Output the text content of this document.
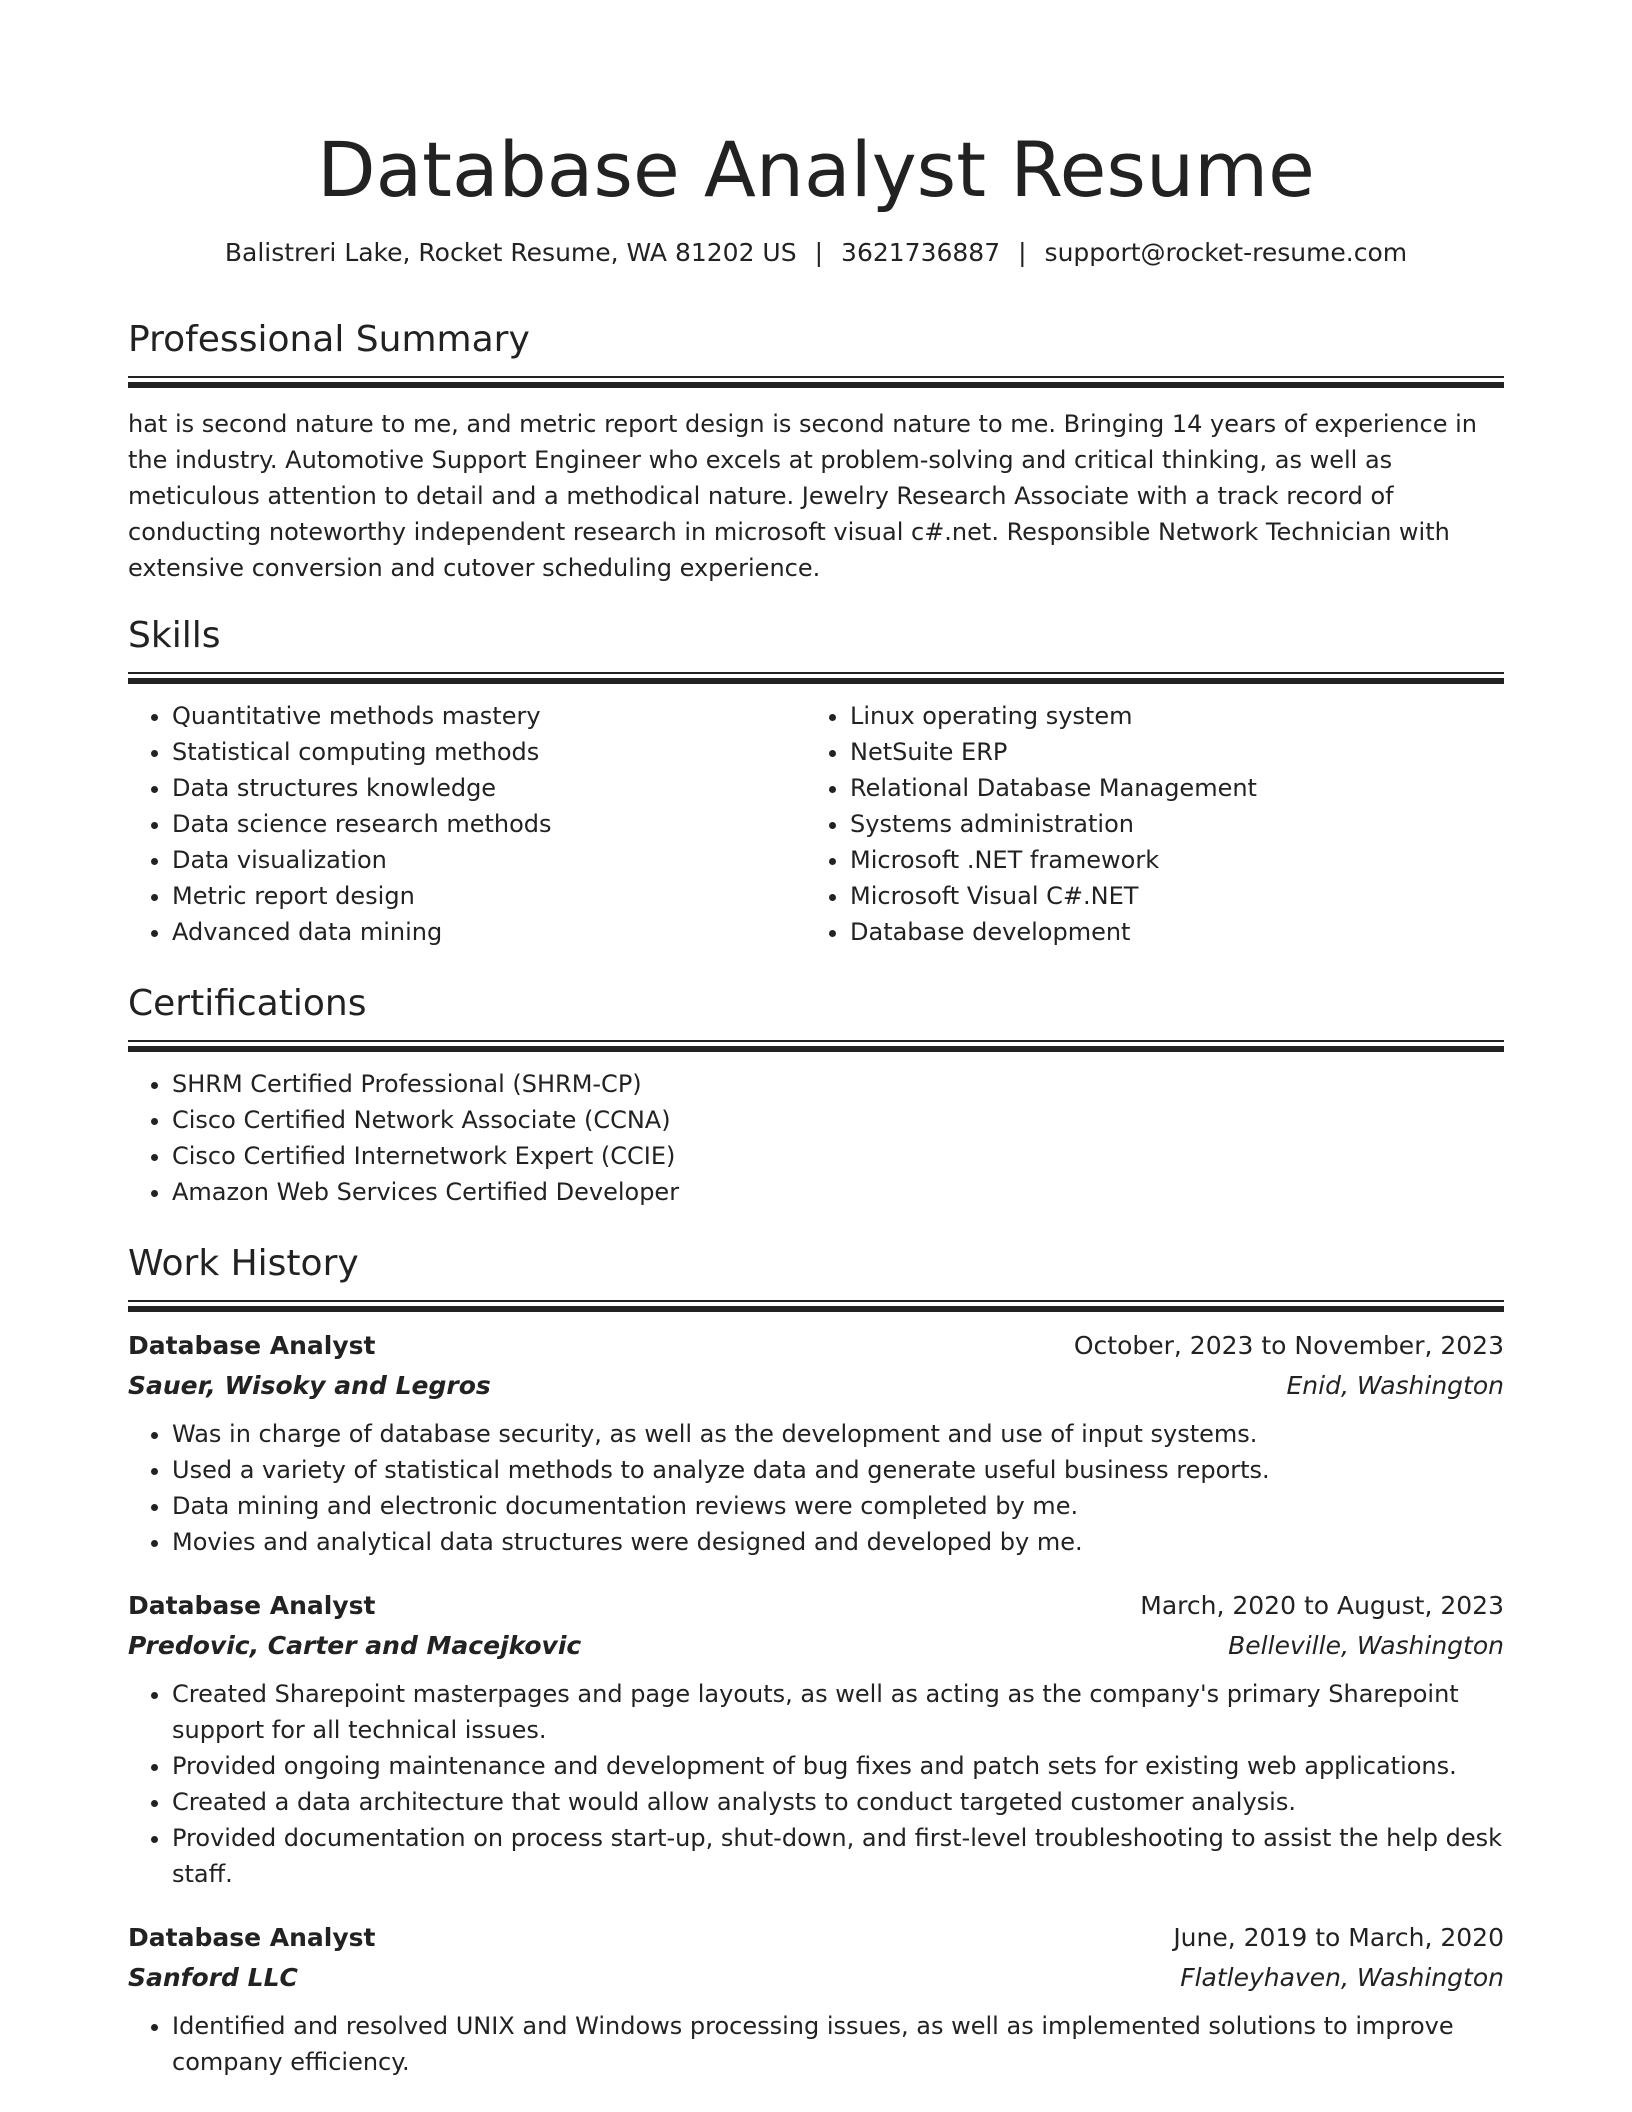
Database Analyst Resume
Balistreri Lake, Rocket Resume, WA 81202 US | 3621736887 | support@rocket-resume.com
Professional Summary
hat is second nature to me, and metric report design is second nature to me. Bringing 14 years of experience in the industry. Automotive Support Engineer who excels at problem-solving and critical thinking, as well as meticulous attention to detail and a methodical nature. Jewelry Research Associate with a track record of conducting noteworthy independent research in microsoft visual c#.net. Responsible Network Technician with extensive conversion and cutover scheduling experience.
Skills
• Quantitative methods mastery
• Statistical computing methods
• Data structures knowledge
• Data science research methods
• Data visualization
• Metric report design
• Advanced data mining
• Linux operating system
• NetSuite ERP
• Relational Database Management
• Systems administration
• Microsoft .NET framework
• Microsoft Visual C#.NET
• Database development
Certifications
• SHRM Certified Professional (SHRM-CP)
• Cisco Certified Network Associate (CCNA)
• Cisco Certified Internetwork Expert (CCIE)
• Amazon Web Services Certified Developer
Work History
Database Analyst	October, 2023 to November, 2023
Sauer, Wisoky and Legros	Enid, Washington
• Was in charge of database security, as well as the development and use of input systems.
• Used a variety of statistical methods to analyze data and generate useful business reports.
• Data mining and electronic documentation reviews were completed by me.
• Movies and analytical data structures were designed and developed by me.
Database Analyst	March, 2020 to August, 2023
Predovic, Carter and Macejkovic	Belleville, Washington
• Created Sharepoint masterpages and page layouts, as well as acting as the company's primary Sharepoint support for all technical issues.
• Provided ongoing maintenance and development of bug fixes and patch sets for existing web applications.
• Created a data architecture that would allow analysts to conduct targeted customer analysis.
• Provided documentation on process start-up, shut-down, and first-level troubleshooting to assist the help desk staff.
Database Analyst	June, 2019 to March, 2020
Sanford LLC	Flatleyhaven, Washington
• Identified and resolved UNIX and Windows processing issues, as well as implemented solutions to improve company efficiency.
